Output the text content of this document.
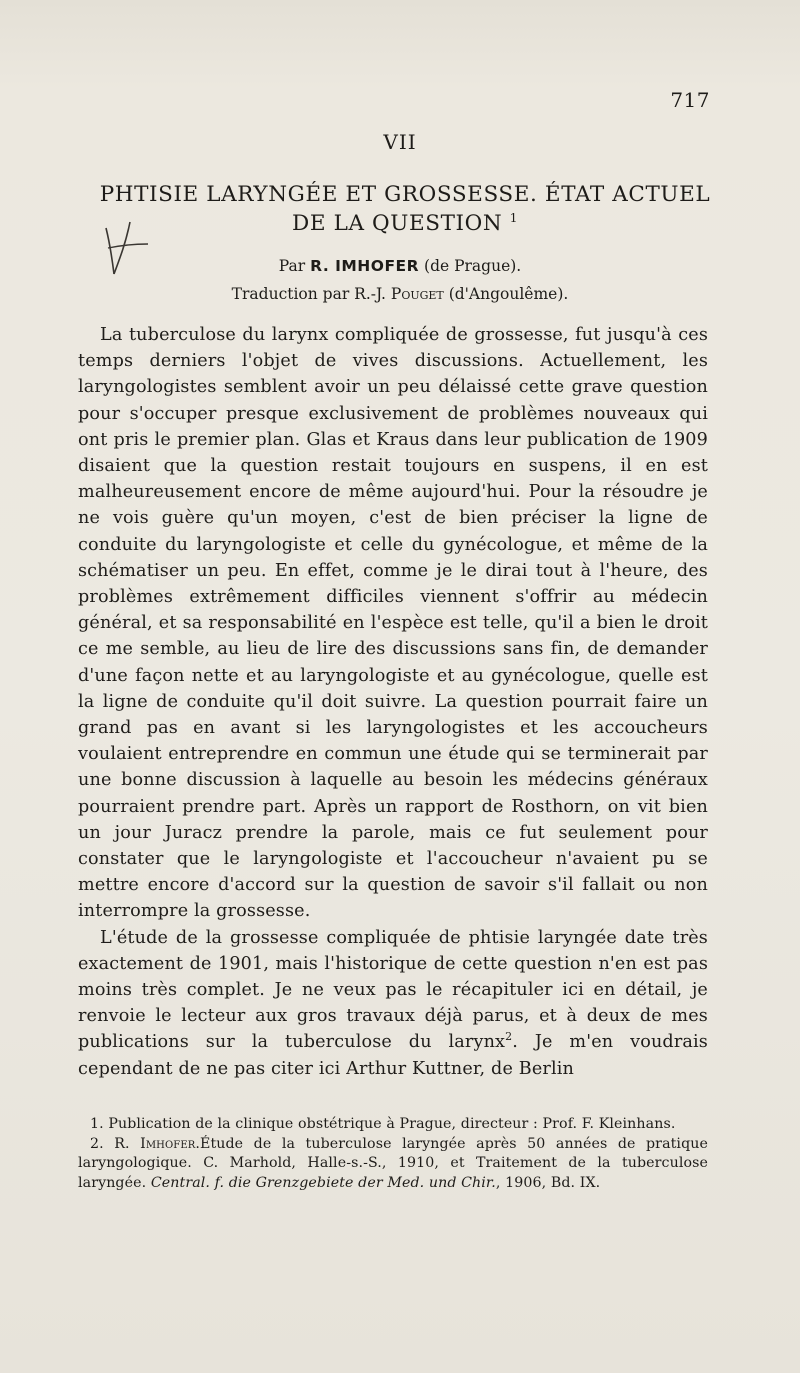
717
VII
PHTISIE LARYNGÉE ET GROSSESSE. ÉTAT ACTUEL
DE LA QUESTION $^1$
Par R. IMHOFER (de Prague).
Traduction par R.-J. Pouget (d'Angoulême).

La tuberculose du larynx compliquée de grossesse, fut jusqu'à ces temps derniers l'objet de vives discussions. Actuellement, les laryngologistes semblent avoir un peu délaissé cette grave question pour s'occuper presque exclusivement de problèmes nouveaux qui ont pris le premier plan. Glas et Kraus dans leur publication de 1909 disaient que la question restait toujours en suspens, il en est malheureusement encore de même aujourd'hui. Pour la résoudre je ne vois guère qu'un moyen, c'est de bien préciser la ligne de conduite du laryngologiste et celle du gynécologue, et même de la schématiser un peu. En effet, comme je le dirai tout à l'heure, des problèmes extrêmement difficiles viennent s'offrir au médecin général, et sa responsabilité en l'espèce est telle, qu'il a bien le droit ce me semble, au lieu de lire des discussions sans fin, de demander d'une façon nette et au laryngologiste et au gynécologue, quelle est la ligne de conduite qu'il doit suivre. La question pourrait faire un grand pas en avant si les laryngologistes et les accoucheurs voulaient entreprendre en commun une étude qui se terminerait par une bonne discussion à laquelle au besoin les médecins généraux pourraient prendre part. Après un rapport de Rosthorn, on vit bien un jour Juracz prendre la parole, mais ce fut seulement pour constater que le laryngologiste et l'accoucheur n'avaient pu se mettre encore d'accord sur la question de savoir s'il fallait ou non interrompre la grossesse.

L'étude de la grossesse compliquée de phtisie laryngée date très exactement de 1901, mais l'historique de cette question n'en est pas moins très complet. Je ne veux pas le récapituler ici en détail, je renvoie le lecteur aux gros travaux déjà parus, et à deux de mes publications sur la tuberculose du larynx$^2$. Je m'en voudrais cependant de ne pas citer ici Arthur Kuttner, de Berlin

1. Publication de la clinique obstétrique à Prague, directeur : Prof. F. Kleinhans.

2. R. Imhofer.Étude de la tuberculose laryngée après 50 années de pratique laryngologique. C. Marhold, Halle-s.-S., 1910, et Traitement de la tuberculose laryngée. Central. f. die Grenzgebiete der Med. und Chir., 1906, Bd. IX.
